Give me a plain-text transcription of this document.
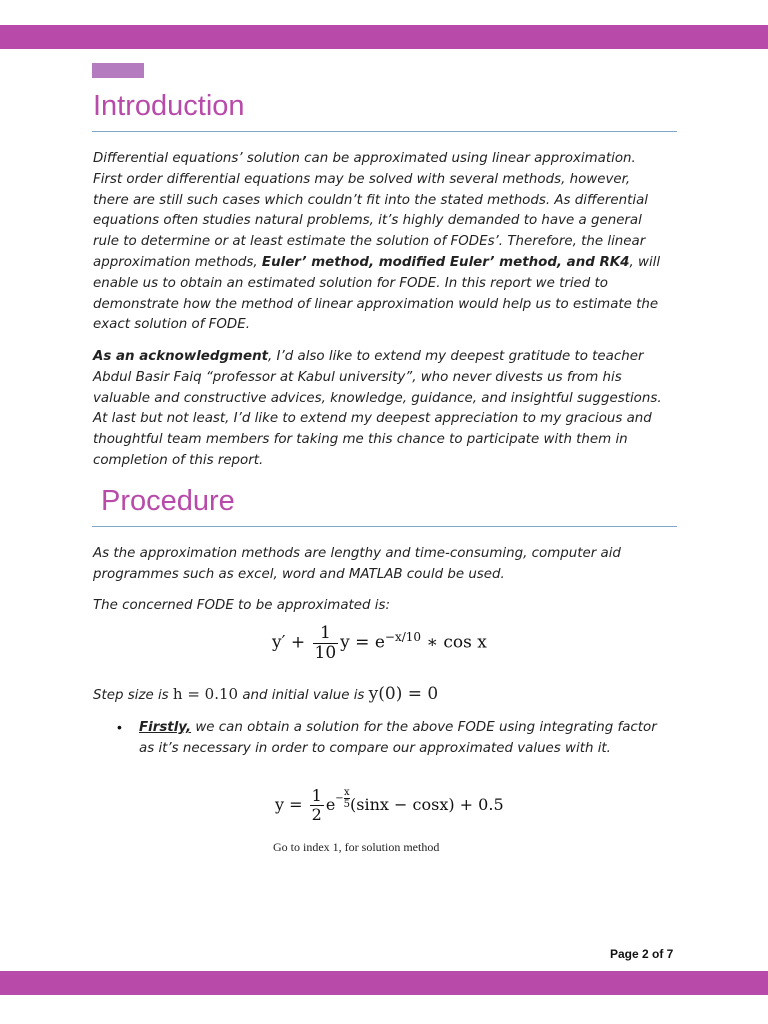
Introduction

Differential equations’ solution can be approximated using linear approximation.
First order differential equations may be solved with several methods, however,
there are still such cases which couldn’t fit into the stated methods. As differential
equations often studies natural problems, it’s highly demanded to have a general
rule to determine or at least estimate the solution of FODEs’. Therefore, the linear
approximation methods, Euler’ method, modified Euler’ method, and RK4, will
enable us to obtain an estimated solution for FODE. In this report we tried to
demonstrate how the method of linear approximation would help us to estimate the
exact solution of FODE.

As an acknowledgment, I’d also like to extend my deepest gratitude to teacher
Abdul Basir Faiq “professor at Kabul university”, who never divests us from his
valuable and constructive advices, knowledge, guidance, and insightful suggestions.
At last but not least, I’d like to extend my deepest appreciation to my gracious and
thoughtful team members for taking me this chance to participate with them in
completion of this report.

Procedure

As the approximation methods are lengthy and time-consuming, computer aid
programmes such as excel, word and MATLAB could be used.

The concerned FODE to be approximated is:

$y' + \frac{1}{10}$ $y = e^{-x/10}$ ∗ cos x

Step size is h = 0.10 and initial value is y(0) = 0

• Firstly, we can obtain a solution for the above FODE using integrating factor
as it’s necessary in order to compare our approximated values with it.

$y = \frac{1}{2} e- \frac{x}{5} (\sin x - \cos x) + 0.5$
Go to index 1, for solution method
Page 2 of 7
